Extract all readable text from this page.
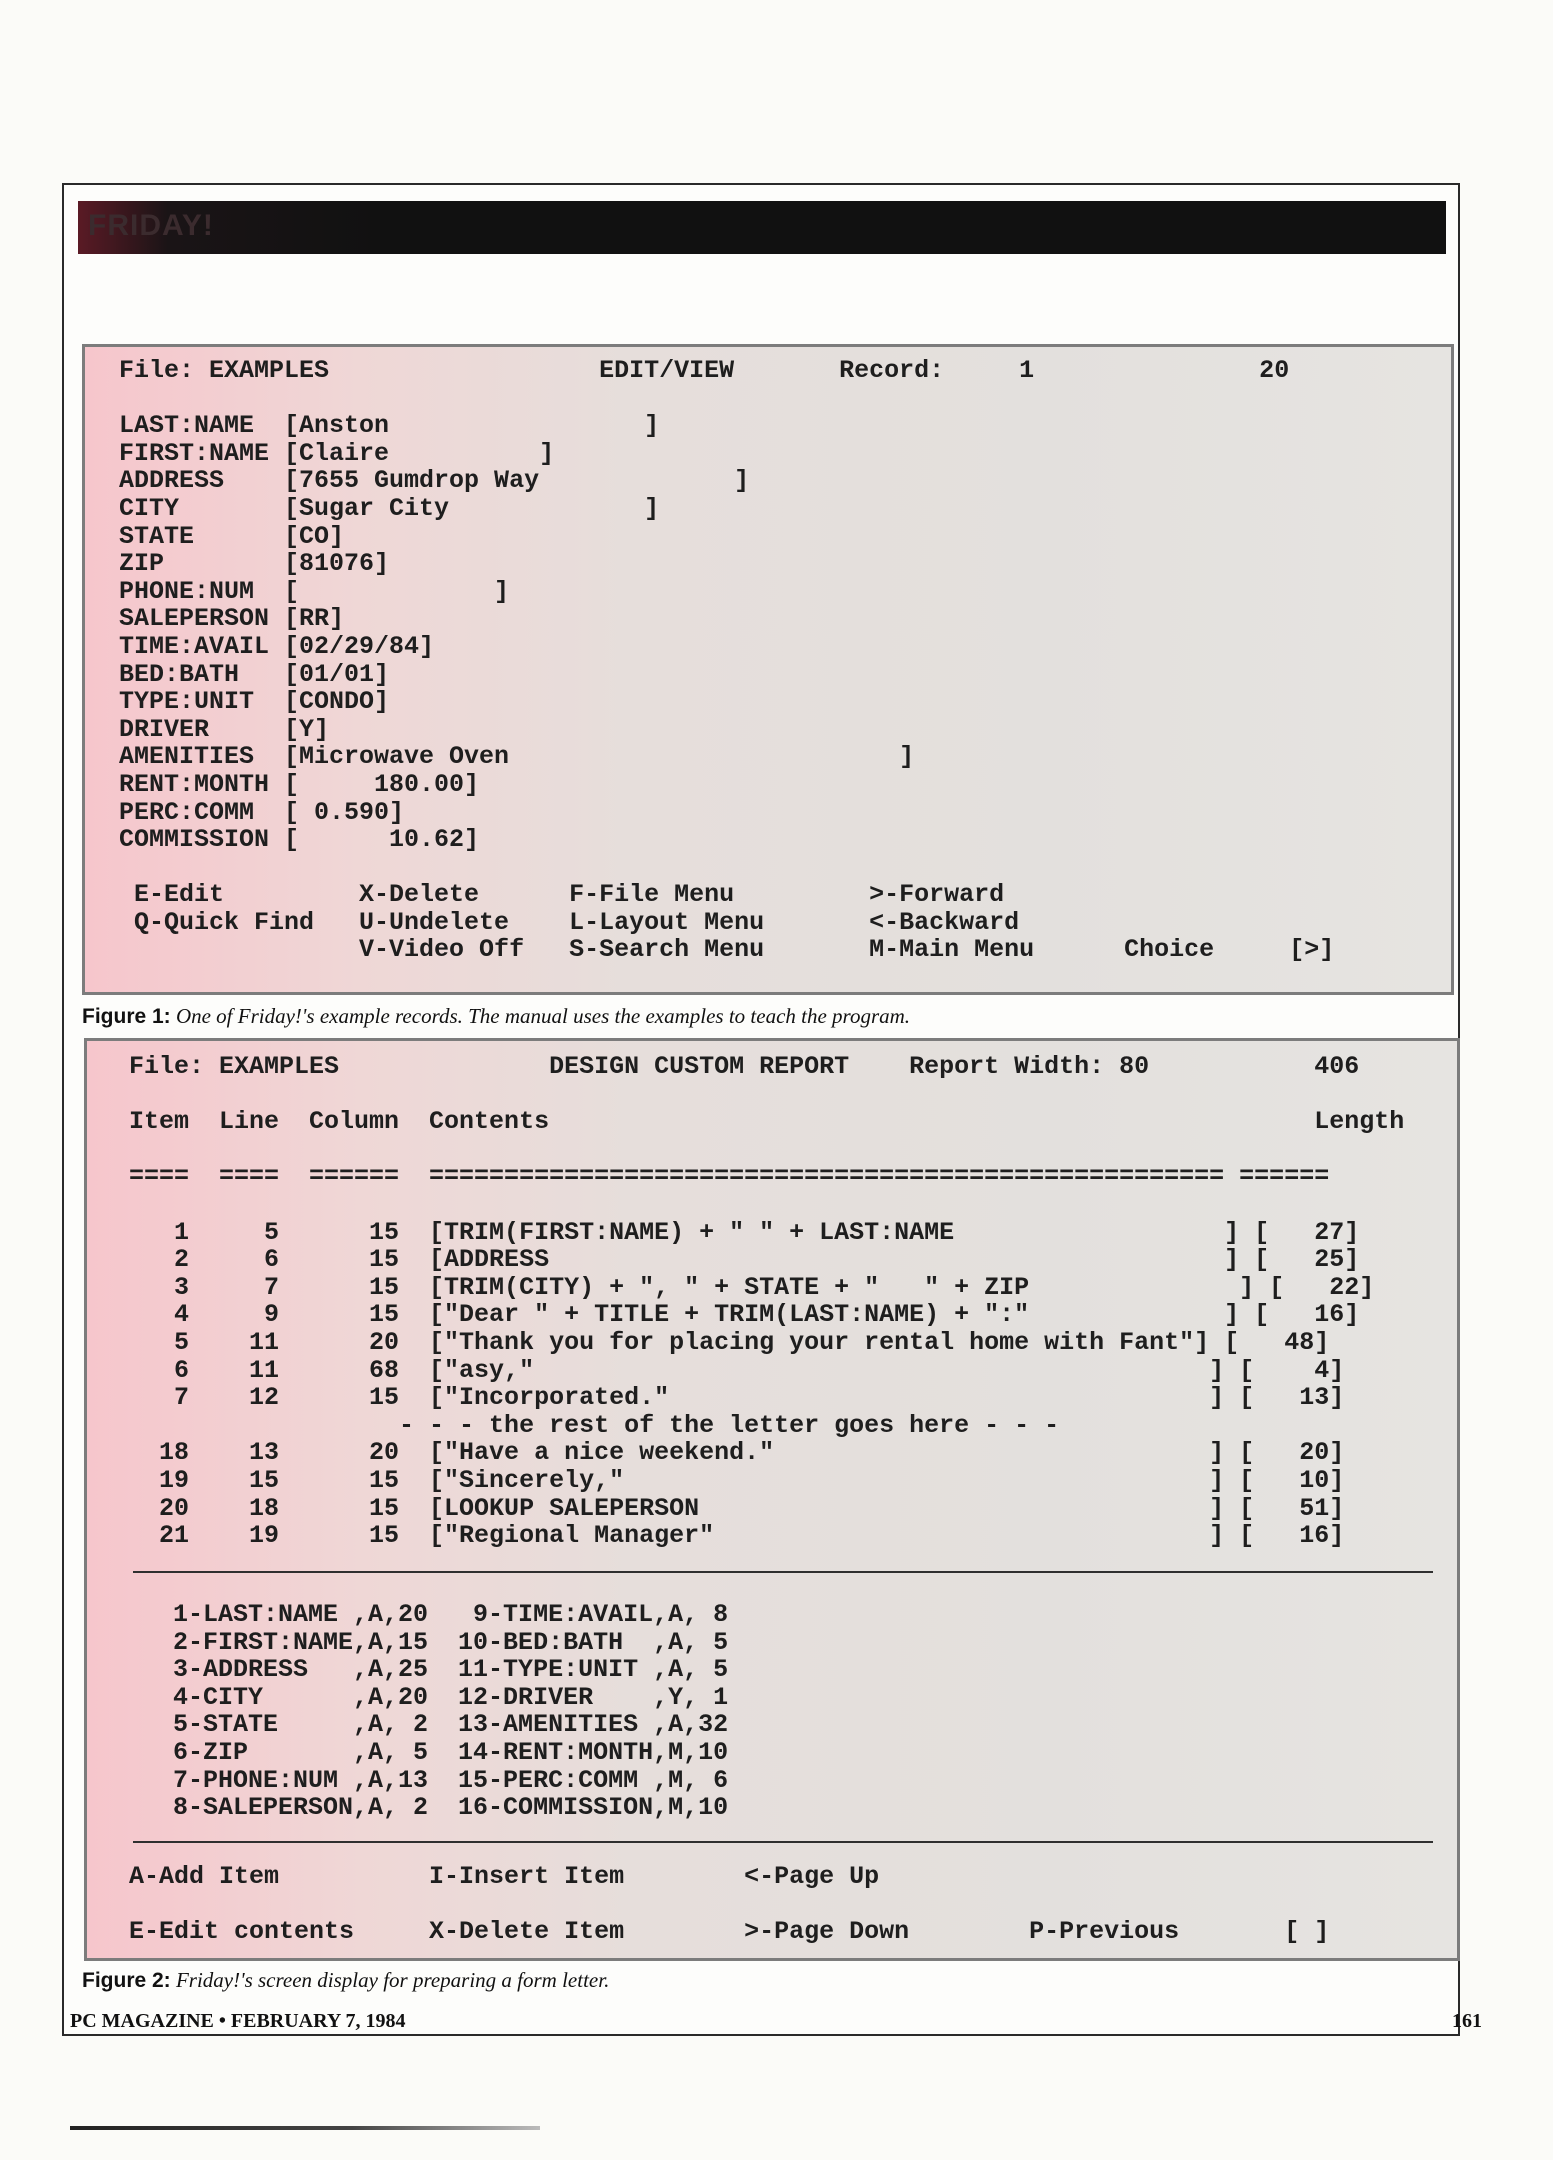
FRIDAY!
File: EXAMPLES                  EDIT/VIEW       Record:     1               20

LAST:NAME  [Anston                 ]
FIRST:NAME [Claire          ]
ADDRESS    [7655 Gumdrop Way             ]
CITY       [Sugar City             ]
STATE      [CO]
ZIP        [81076]
PHONE:NUM  [             ]
SALEPERSON [RR]
TIME:AVAIL [02/29/84]
BED:BATH   [01/01]
TYPE:UNIT  [CONDO]
DRIVER     [Y]
AMENITIES  [Microwave Oven                          ]
RENT:MONTH [     180.00]
PERC:COMM  [ 0.590]
COMMISSION [      10.62]

E-Edit         X-Delete      F-File Menu         >-Forward
Q-Quick Find   U-Undelete    L-Layout Menu       <-Backward
V-Video Off   S-Search Menu       M-Main Menu      Choice     [>]
Figure 1: One of Friday!'s example records. The manual uses the examples to teach the program.
File: EXAMPLES              DESIGN CUSTOM REPORT    Report Width: 80           406

Item  Line  Column  Contents                                                   Length

====  ====  ======  ===================================================== ======

1     5      15  [TRIM(FIRST:NAME) + " " + LAST:NAME                  ] [   27]
2     6      15  [ADDRESS                                             ] [   25]
3     7      15  [TRIM(CITY) + ", " + STATE + "   " + ZIP              ] [   22]
4     9      15  ["Dear " + TITLE + TRIM(LAST:NAME) + ":"             ] [   16]
5    11      20  ["Thank you for placing your rental home with Fant"] [   48]
6    11      68  ["asy,"                                             ] [    4]
7    12      15  ["Incorporated."                                    ] [   13]
- - - the rest of the letter goes here - - -
18    13      20  ["Have a nice weekend."                             ] [   20]
19    15      15  ["Sincerely,"                                       ] [   10]
20    18      15  [LOOKUP SALEPERSON                                  ] [   51]
21    19      15  ["Regional Manager"                                 ] [   16]
1-LAST:NAME ,A,20   9-TIME:AVAIL,A, 8
2-FIRST:NAME,A,15  10-BED:BATH  ,A, 5
3-ADDRESS   ,A,25  11-TYPE:UNIT ,A, 5
4-CITY      ,A,20  12-DRIVER    ,Y, 1
5-STATE     ,A, 2  13-AMENITIES ,A,32
6-ZIP       ,A, 5  14-RENT:MONTH,M,10
7-PHONE:NUM ,A,13  15-PERC:COMM ,M, 6
8-SALEPERSON,A, 2  16-COMMISSION,M,10
A-Add Item          I-Insert Item        <-Page Up

E-Edit contents     X-Delete Item        >-Page Down        P-Previous       [ ]
Figure 2: Friday!'s screen display for preparing a form letter.
PC MAGAZINE • FEBRUARY 7, 1984	161
